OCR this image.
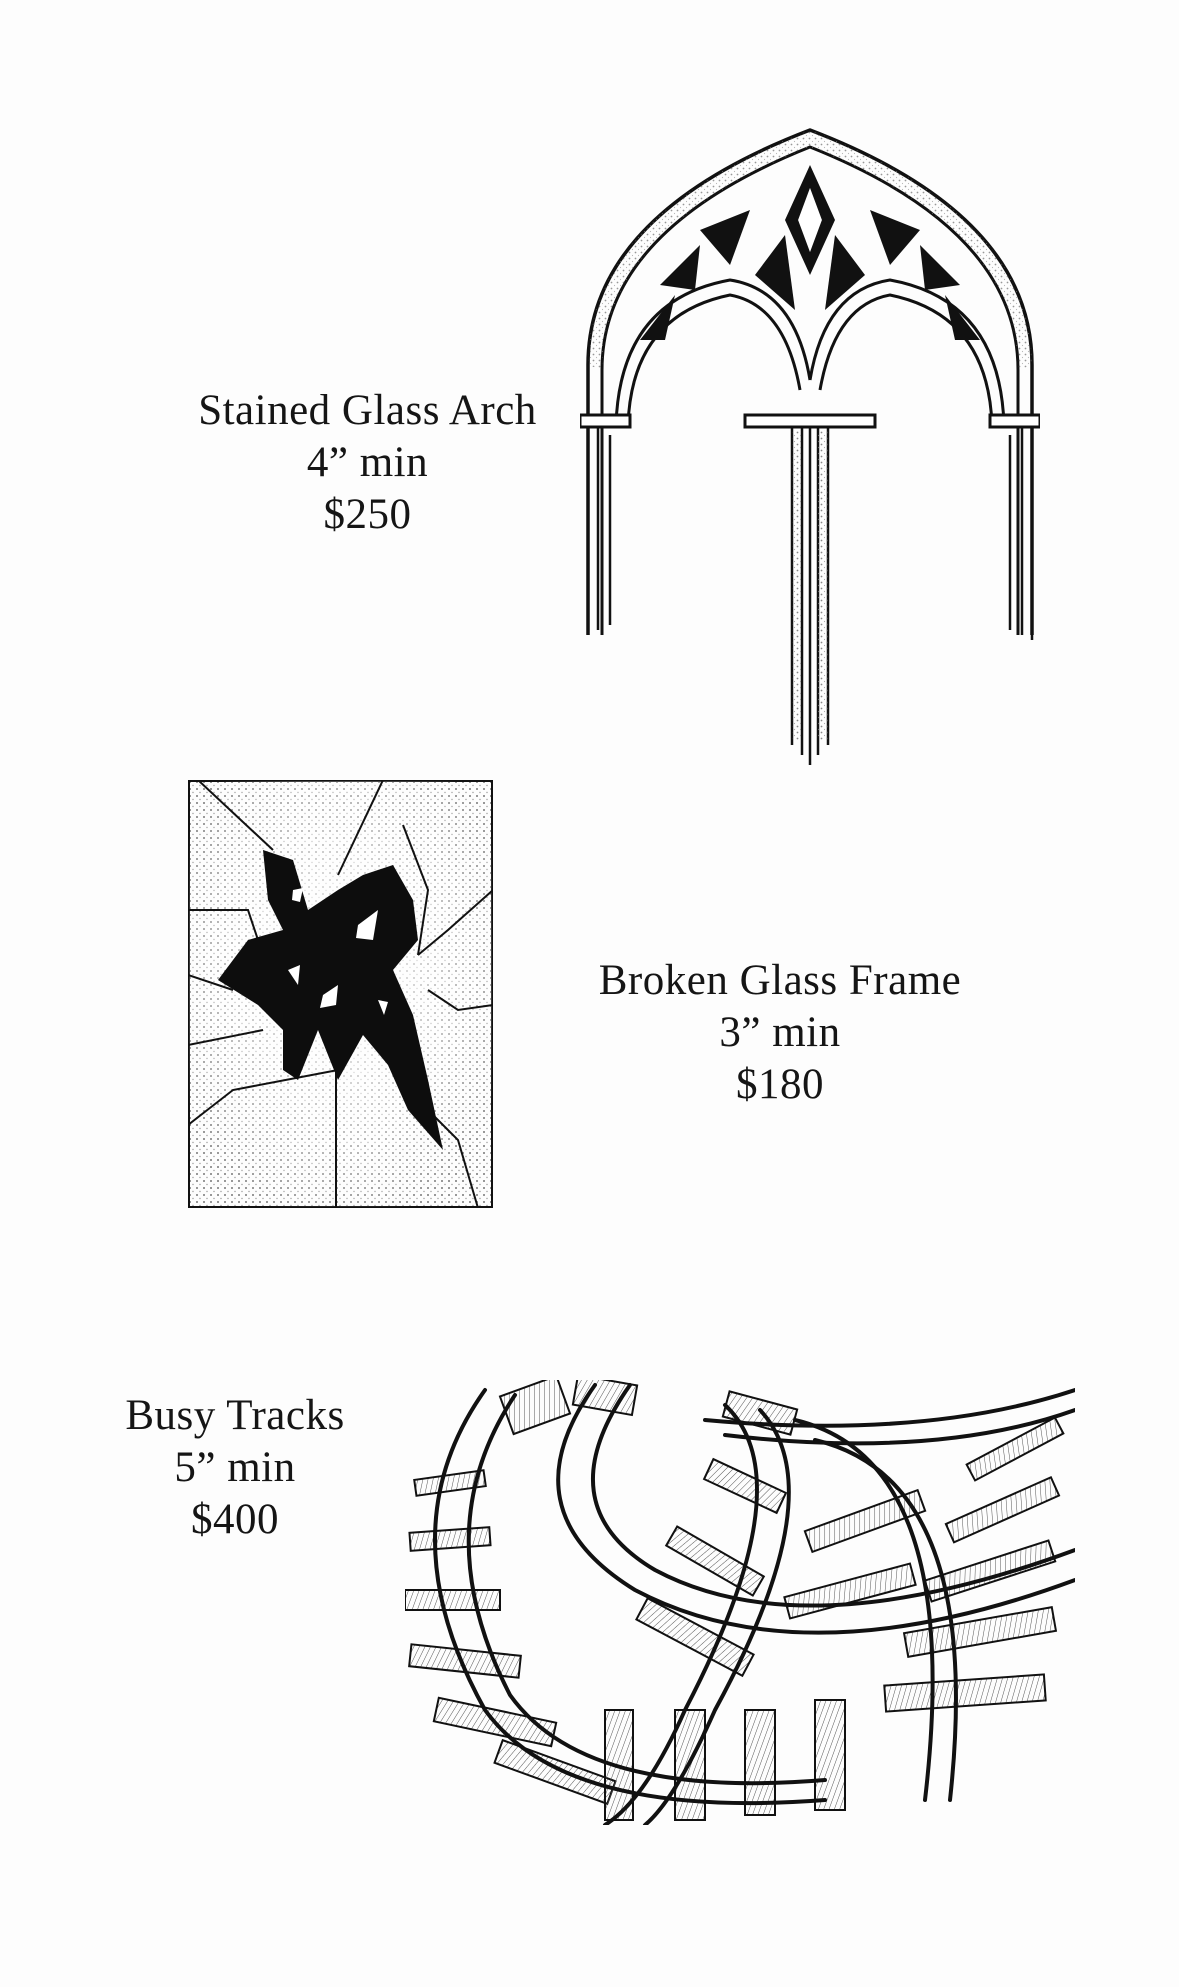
Stained Glass Arch
4” min
$250
Broken Glass Frame
3” min
$180
Busy Tracks
5” min
$400
